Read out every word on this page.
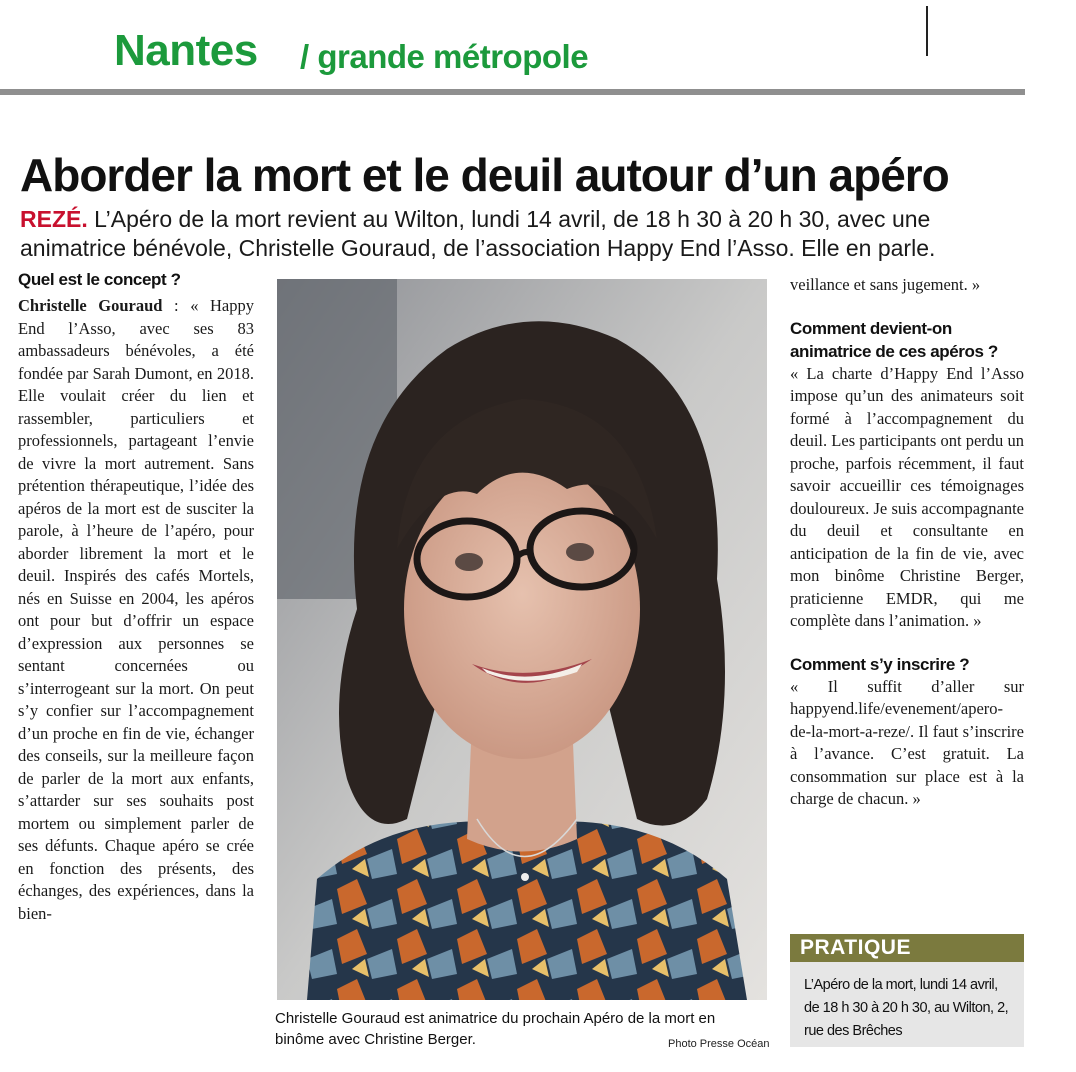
Nantes / grande métropole
Aborder la mort et le deuil autour d’un apéro
REZÉ. L’Apéro de la mort revient au Wilton, lundi 14 avril, de 18 h 30 à 20 h 30, avec une animatrice bénévole, Christelle Gouraud, de l’association Happy End l’Asso. Elle en parle.
Quel est le concept ?
Christelle Gouraud : « Happy End l’Asso, avec ses 83 ambassadeurs bénévoles, a été fondée par Sarah Dumont, en 2018. Elle voulait créer du lien et rassembler, particuliers et professionnels, partageant l’envie de vivre la mort autrement. Sans prétention thérapeutique, l’idée des apéros de la mort est de susciter la parole, à l’heure de l’apéro, pour aborder librement la mort et le deuil. Inspirés des cafés Mortels, nés en Suisse en 2004, les apéros ont pour but d’offrir un espace d’expression aux personnes se sentant concernées ou s’interrogeant sur la mort. On peut s’y confier sur l’accompagnement d’un proche en fin de vie, échanger des conseils, sur la meilleure façon de parler de la mort aux enfants, s’attarder sur ses souhaits post mortem ou simplement parler de ses défunts. Chaque apéro se crée en fonction des présents, des échanges, des expériences, dans la bien-
Christelle Gouraud est animatrice du prochain Apéro de la mort en binôme avec Christine Berger.	Photo Presse Océan
veillance et sans jugement. »
Comment devient-on animatrice de ces apéros ?
« La charte d’Happy End l’Asso impose qu’un des animateurs soit formé à l’accompagnement du deuil. Les participants ont perdu un proche, parfois récemment, il faut savoir accueillir ces témoignages douloureux. Je suis accompagnante du deuil et consultante en anticipation de la fin de vie, avec mon binôme Christine Berger, praticienne EMDR, qui me complète dans l’animation. »
Comment s’y inscrire ?
« Il suffit d’aller sur happyend.life/evenement/apero-de-la-mort-a-reze/. Il faut s’inscrire à l’avance. C’est gratuit. La consommation sur place est à la charge de chacun. »
PRATIQUE
L’Apéro de la mort, lundi 14 avril, de 18 h 30 à 20 h 30, au Wilton, 2, rue des Brêches
